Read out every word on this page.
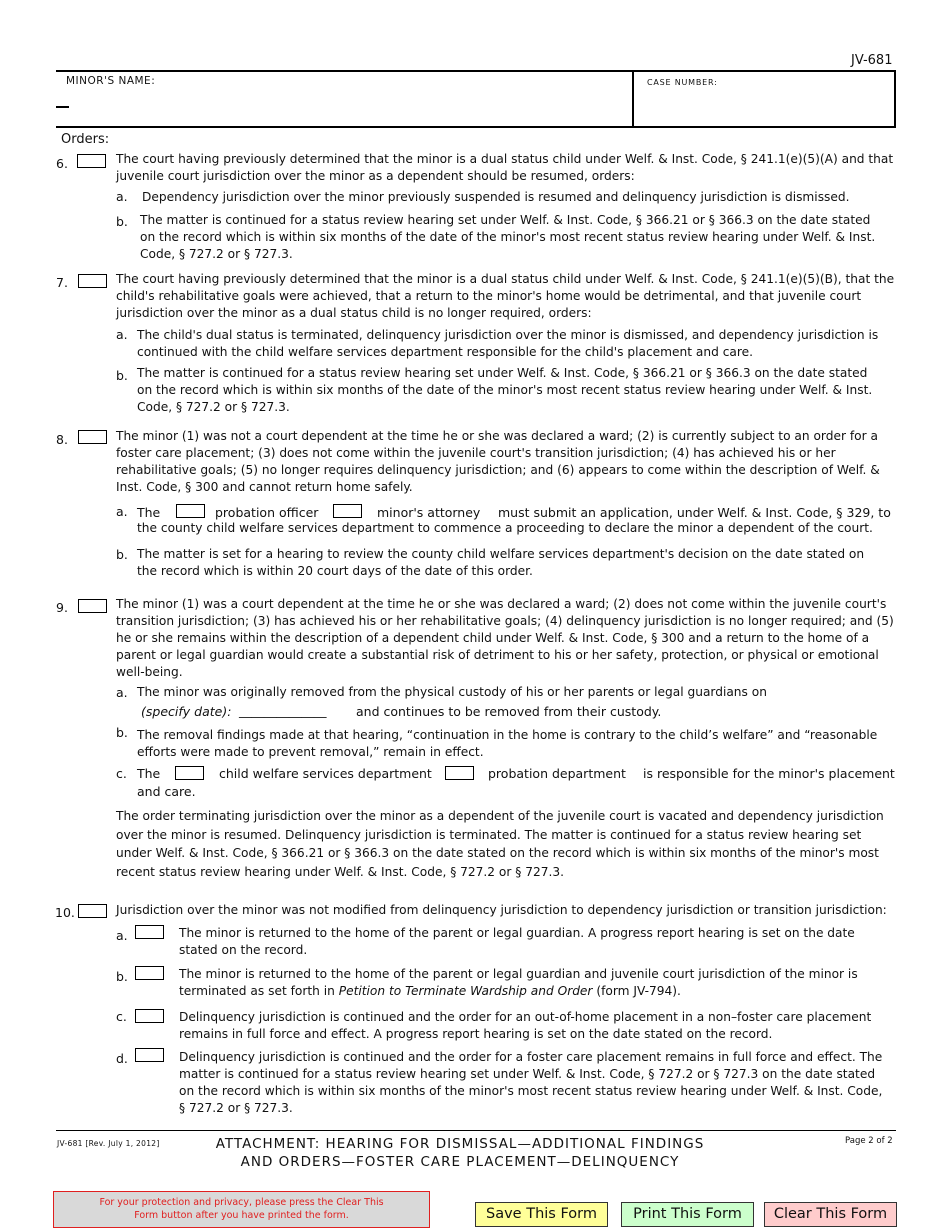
JV-681
MINOR'S NAME:	CASE NUMBER:
Orders:
6.	The court having previously determined that the minor is a dual status child under Welf. & Inst. Code, § 241.1(e)(5)(A) and that juvenile court jurisdiction over the minor as a dependent should be resumed, orders:
a. Dependency jurisdiction over the minor previously suspended is resumed and delinquency jurisdiction is dismissed.
b. The matter is continued for a status review hearing set under Welf. & Inst. Code, § 366.21 or § 366.3 on the date stated on the record which is within six months of the date of the minor's most recent status review hearing under Welf. & Inst. Code, § 727.2 or § 727.3.
7.	The court having previously determined that the minor is a dual status child under Welf. & Inst. Code, § 241.1(e)(5)(B), that the child's rehabilitative goals were achieved, that a return to the minor's home would be detrimental, and that juvenile court jurisdiction over the minor as a dual status child is no longer required, orders:
a. The child's dual status is terminated, delinquency jurisdiction over the minor is dismissed, and dependency jurisdiction is continued with the child welfare services department responsible for the child's placement and care.
b. The matter is continued for a status review hearing set under Welf. & Inst. Code, § 366.21 or § 366.3 on the date stated on the record which is within six months of the date of the minor's most recent status review hearing under Welf. & Inst. Code, § 727.2 or § 727.3.
8.	The minor (1) was not a court dependent at the time he or she was declared a ward; (2) is currently subject to an order for a foster care placement; (3) does not come within the juvenile court's transition jurisdiction; (4) has achieved his or her rehabilitative goals; (5) no longer requires delinquency jurisdiction; and (6) appears to come within the description of Welf. & Inst. Code, § 300 and cannot return home safely.
a. The	probation officer	minor's attorney must submit an application, under Welf. & Inst. Code, § 329, to
the county child welfare services department to commence a proceeding to declare the minor a dependent of the court.
b. The matter is set for a hearing to review the county child welfare services department's decision on the date stated on the record which is within 20 court days of the date of this order.
9.	The minor (1) was a court dependent at the time he or she was declared a ward; (2) does not come within the juvenile court's transition jurisdiction; (3) has achieved his or her rehabilitative goals; (4) delinquency jurisdiction is no longer required; and (5) he or she remains within the description of a dependent child under Welf. & Inst. Code, § 300 and a return to the home of a parent or legal guardian would create a substantial risk of detriment to his or her safety, protection, or physical or emotional well-being.
a. The minor was originally removed from the physical custody of his or her parents or legal guardians on
(specify date): ______________ and continues to be removed from their custody.
b. The removal findings made at that hearing, “continuation in the home is contrary to the child’s welfare” and “reasonable efforts were made to prevent removal,” remain in effect.
c. The	child welfare services department	probation department is responsible for the minor's placement
and care.
The order terminating jurisdiction over the minor as a dependent of the juvenile court is vacated and dependency jurisdiction over the minor is resumed. Delinquency jurisdiction is terminated. The matter is continued for a status review hearing set under Welf. & Inst. Code, § 366.21 or § 366.3 on the date stated on the record which is within six months of the minor's most recent status review hearing under Welf. & Inst. Code, § 727.2 or § 727.3.
10.	Jurisdiction over the minor was not modified from delinquency jurisdiction to dependency jurisdiction or transition jurisdiction:
a.	The minor is returned to the home of the parent or legal guardian. A progress report hearing is set on the date stated on the record.
b.	The minor is returned to the home of the parent or legal guardian and juvenile court jurisdiction of the minor is terminated as set forth in Petition to Terminate Wardship and Order (form JV-794).
c.	Delinquency jurisdiction is continued and the order for an out-of-home placement in a non–foster care placement remains in full force and effect. A progress report hearing is set on the date stated on the record.
d.	Delinquency jurisdiction is continued and the order for a foster care placement remains in full force and effect. The matter is continued for a status review hearing set under Welf. & Inst. Code, § 727.2 or § 727.3 on the date stated on the record which is within six months of the minor's most recent status review hearing under Welf. & Inst. Code, § 727.2 or § 727.3.
JV-681 [Rev. July 1, 2012]	ATTACHMENT: HEARING FOR DISMISSAL—ADDITIONAL FINDINGS
AND ORDERS—FOSTER CARE PLACEMENT—DELINQUENCY
Page 2 of 2
For your protection and privacy, please press the Clear This Form button after you have printed the form.	Save This Form	Print This Form	Clear This Form
